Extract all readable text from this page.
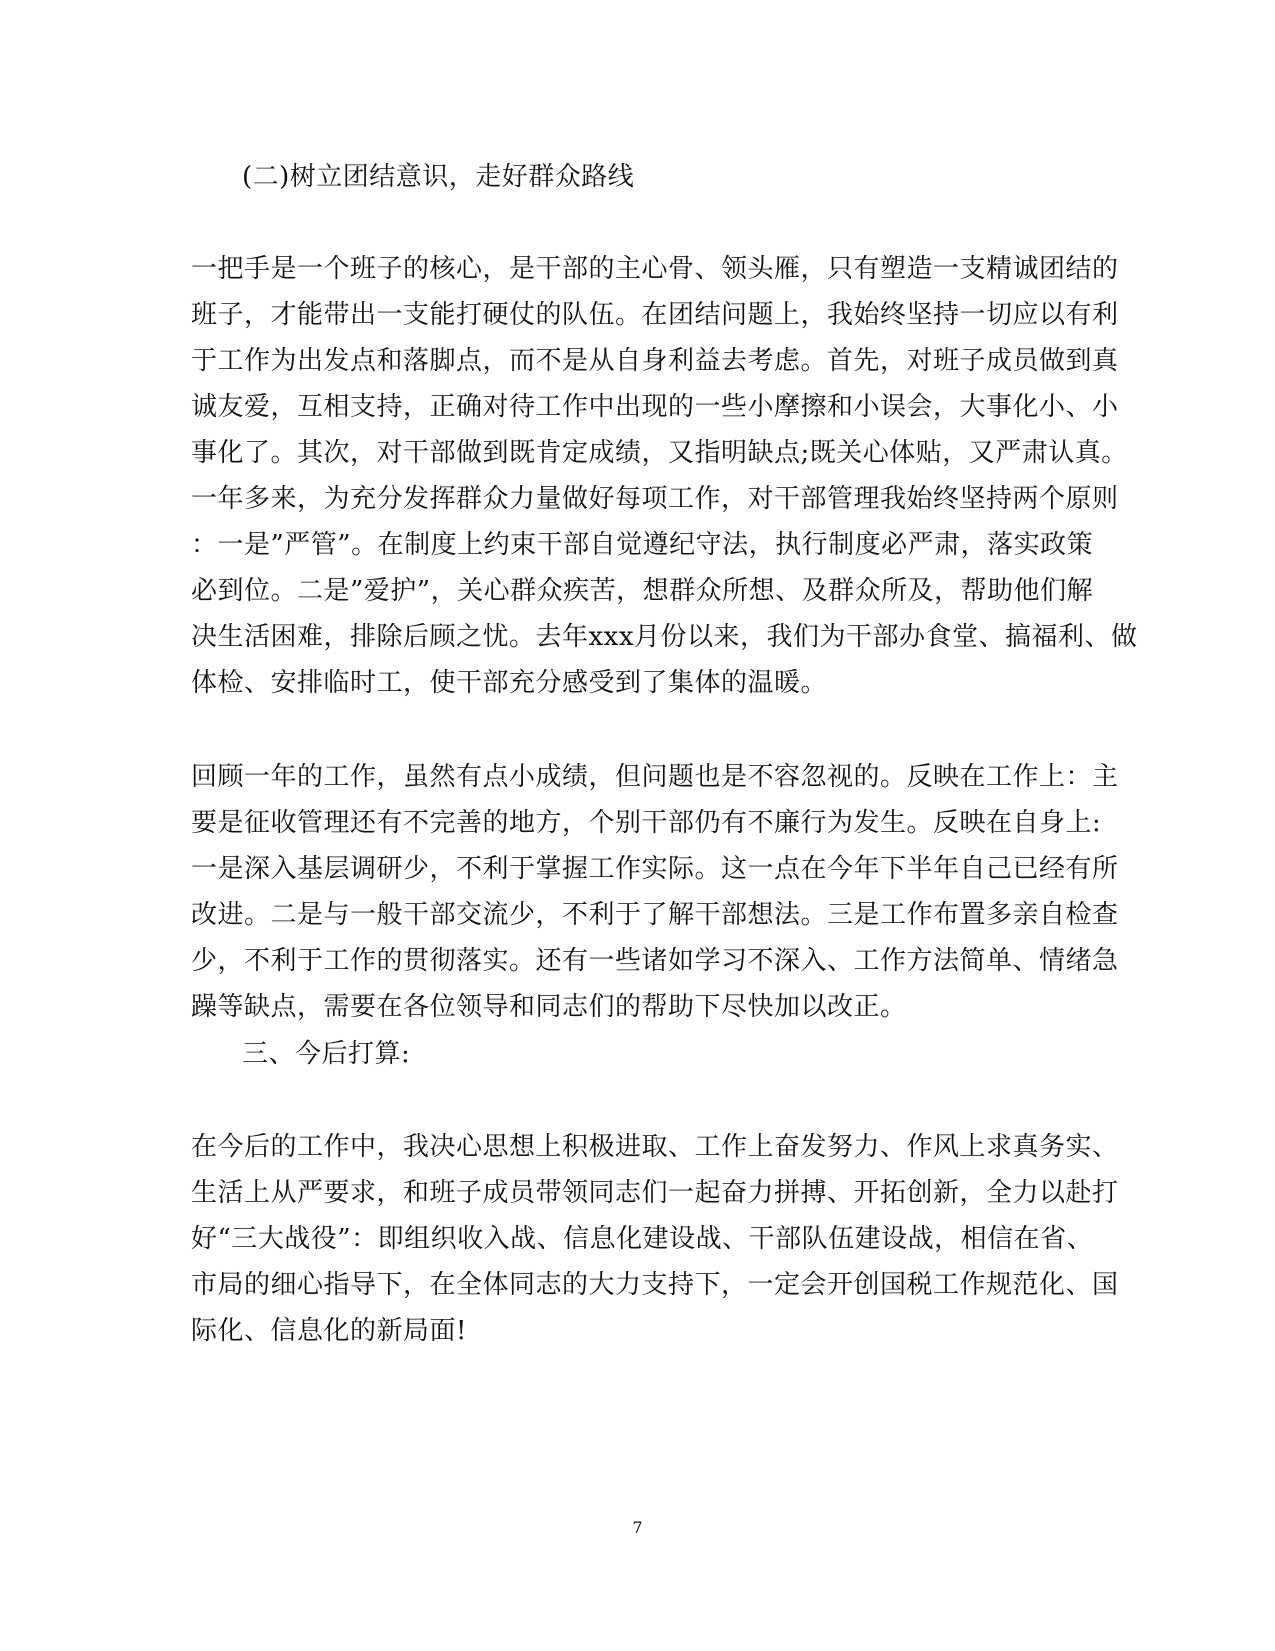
(二)树立团结意识，走好群众路线
一把手是一个班子的核心，是干部的主心骨、领头雁，只有塑造一支精诚团结的
班子，才能带出一支能打硬仗的队伍。在团结问题上，我始终坚持一切应以有利
于工作为出发点和落脚点，而不是从自身利益去考虑。首先，对班子成员做到真
诚友爱，互相支持，正确对待工作中出现的一些小摩擦和小误会，大事化小、小
事化了。其次，对干部做到既肯定成绩，又指明缺点;既关心体贴，又严肃认真。
一年多来，为充分发挥群众力量做好每项工作，对干部管理我始终坚持两个原则
：一是”严管”。在制度上约束干部自觉遵纪守法，执行制度必严肃，落实政策
必到位。二是”爱护”，关心群众疾苦，想群众所想、及群众所及，帮助他们解
决生活困难，排除后顾之忧。去年xxx月份以来，我们为干部办食堂、搞福利、做
体检、安排临时工，使干部充分感受到了集体的温暖。
回顾一年的工作，虽然有点小成绩，但问题也是不容忽视的。反映在工作上：主
要是征收管理还有不完善的地方，个别干部仍有不廉行为发生。反映在自身上:
一是深入基层调研少，不利于掌握工作实际。这一点在今年下半年自己已经有所
改进。二是与一般干部交流少，不利于了解干部想法。三是工作布置多亲自检查
少，不利于工作的贯彻落实。还有一些诸如学习不深入、工作方法简单、情绪急
躁等缺点，需要在各位领导和同志们的帮助下尽快加以改正。
三、今后打算:
在今后的工作中，我决心思想上积极进取、工作上奋发努力、作风上求真务实、
生活上从严要求，和班子成员带领同志们一起奋力拼搏、开拓创新，全力以赴打
好“三大战役”：即组织收入战、信息化建设战、干部队伍建设战，相信在省、
市局的细心指导下，在全体同志的大力支持下，一定会开创国税工作规范化、国
际化、信息化的新局面!
7
